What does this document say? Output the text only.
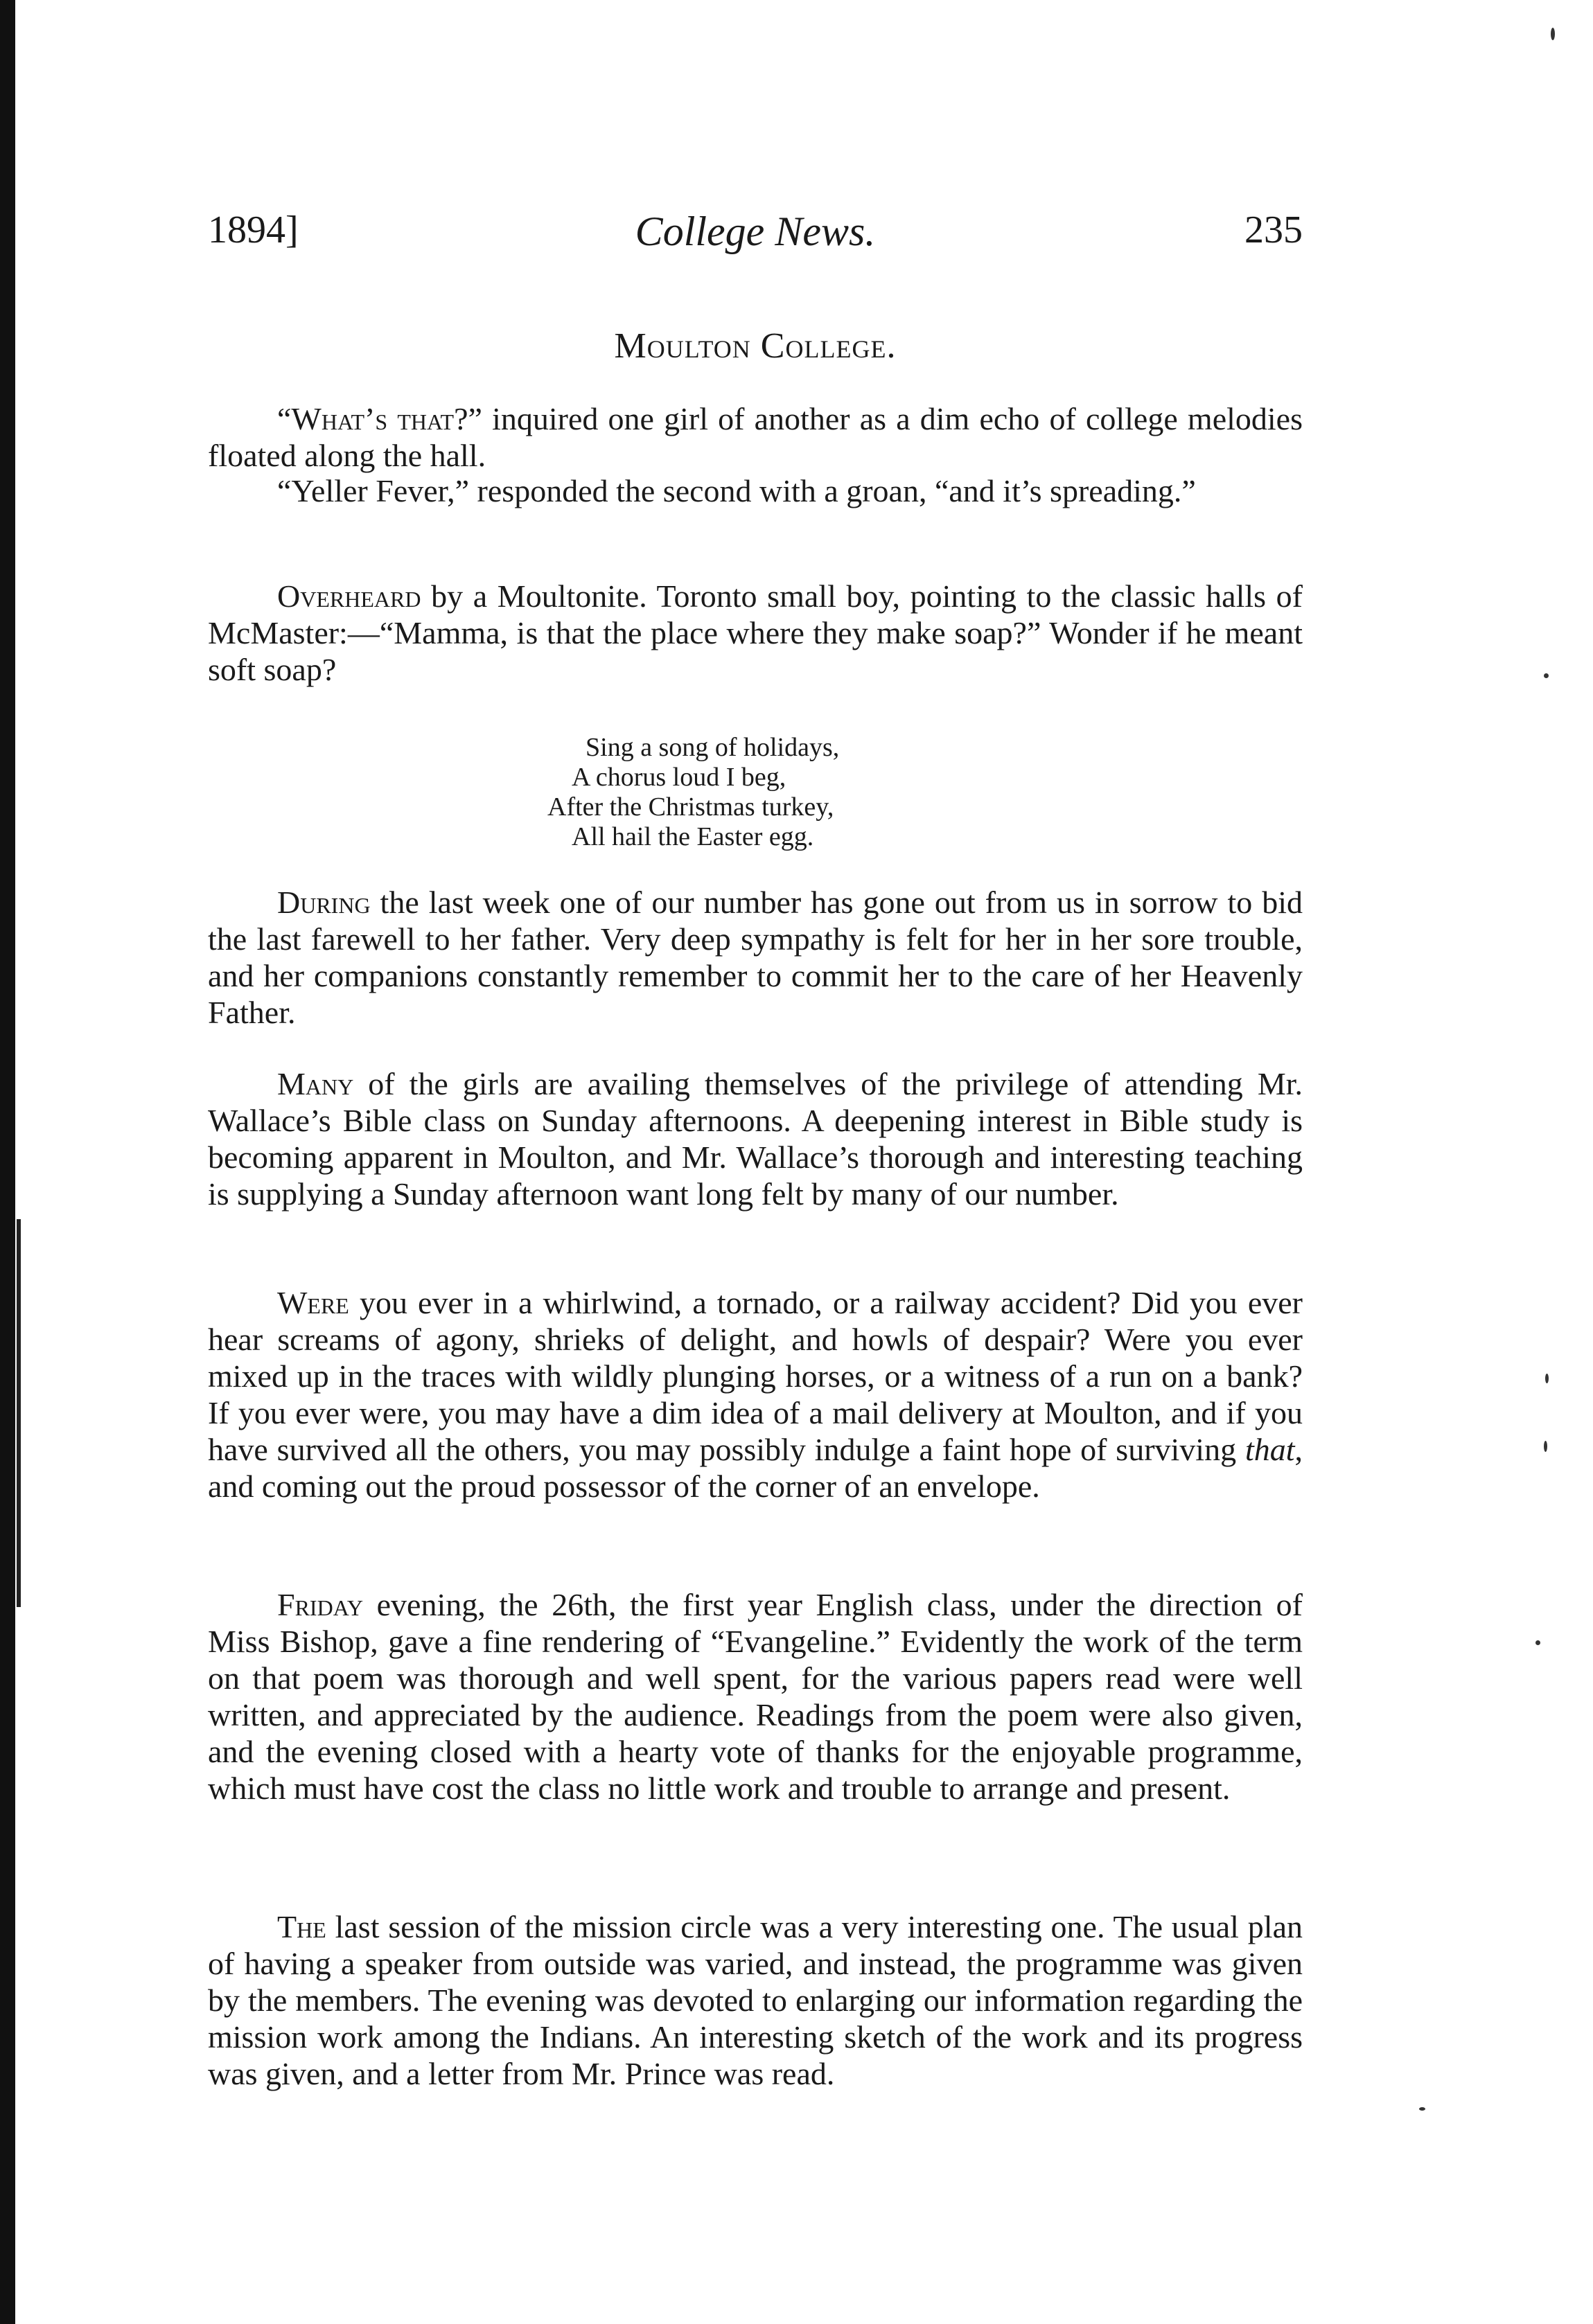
1894]	College News.	235
Moulton College.

“What’s that?” inquired one girl of another as a dim echo of college melodies floated along the hall.

“Yeller Fever,” responded the second with a groan, “and it’s spreading.”

Overheard by a Moultonite. Toronto small boy, pointing to the classic halls of McMaster:—“Mamma, is that the place where they make soap?” Wonder if he meant soft soap?

Sing a song of holidays,
A chorus loud I beg,
After the Christmas turkey,
All hail the Easter egg.

During the last week one of our number has gone out from us in sorrow to bid the last farewell to her father. Very deep sympathy is felt for her in her sore trouble, and her companions constantly remember to commit her to the care of her Heavenly Father.

Many of the girls are availing themselves of the privilege of attending Mr. Wallace’s Bible class on Sunday afternoons. A deepening interest in Bible study is becoming apparent in Moulton, and Mr. Wallace’s thorough and interesting teaching is supplying a Sunday afternoon want long felt by many of our number.

Were you ever in a whirlwind, a tornado, or a railway accident? Did you ever hear screams of agony, shrieks of delight, and howls of despair? Were you ever mixed up in the traces with wildly plunging horses, or a witness of a run on a bank? If you ever were, you may have a dim idea of a mail delivery at Moulton, and if you have survived all the others, you may possibly indulge a faint hope of surviving that, and coming out the proud possessor of the corner of an envelope.

Friday evening, the 26th, the first year English class, under the direction of Miss Bishop, gave a fine rendering of “Evangeline.” Evidently the work of the term on that poem was thorough and well spent, for the various papers read were well written, and appreciated by the audience. Readings from the poem were also given, and the evening closed with a hearty vote of thanks for the enjoyable programme, which must have cost the class no little work and trouble to arrange and present.

The last session of the mission circle was a very interesting one. The usual plan of having a speaker from outside was varied, and instead, the programme was given by the members. The evening was devoted to enlarging our information regarding the mission work among the Indians. An interesting sketch of the work and its progress was given, and a letter from Mr. Prince was read.
